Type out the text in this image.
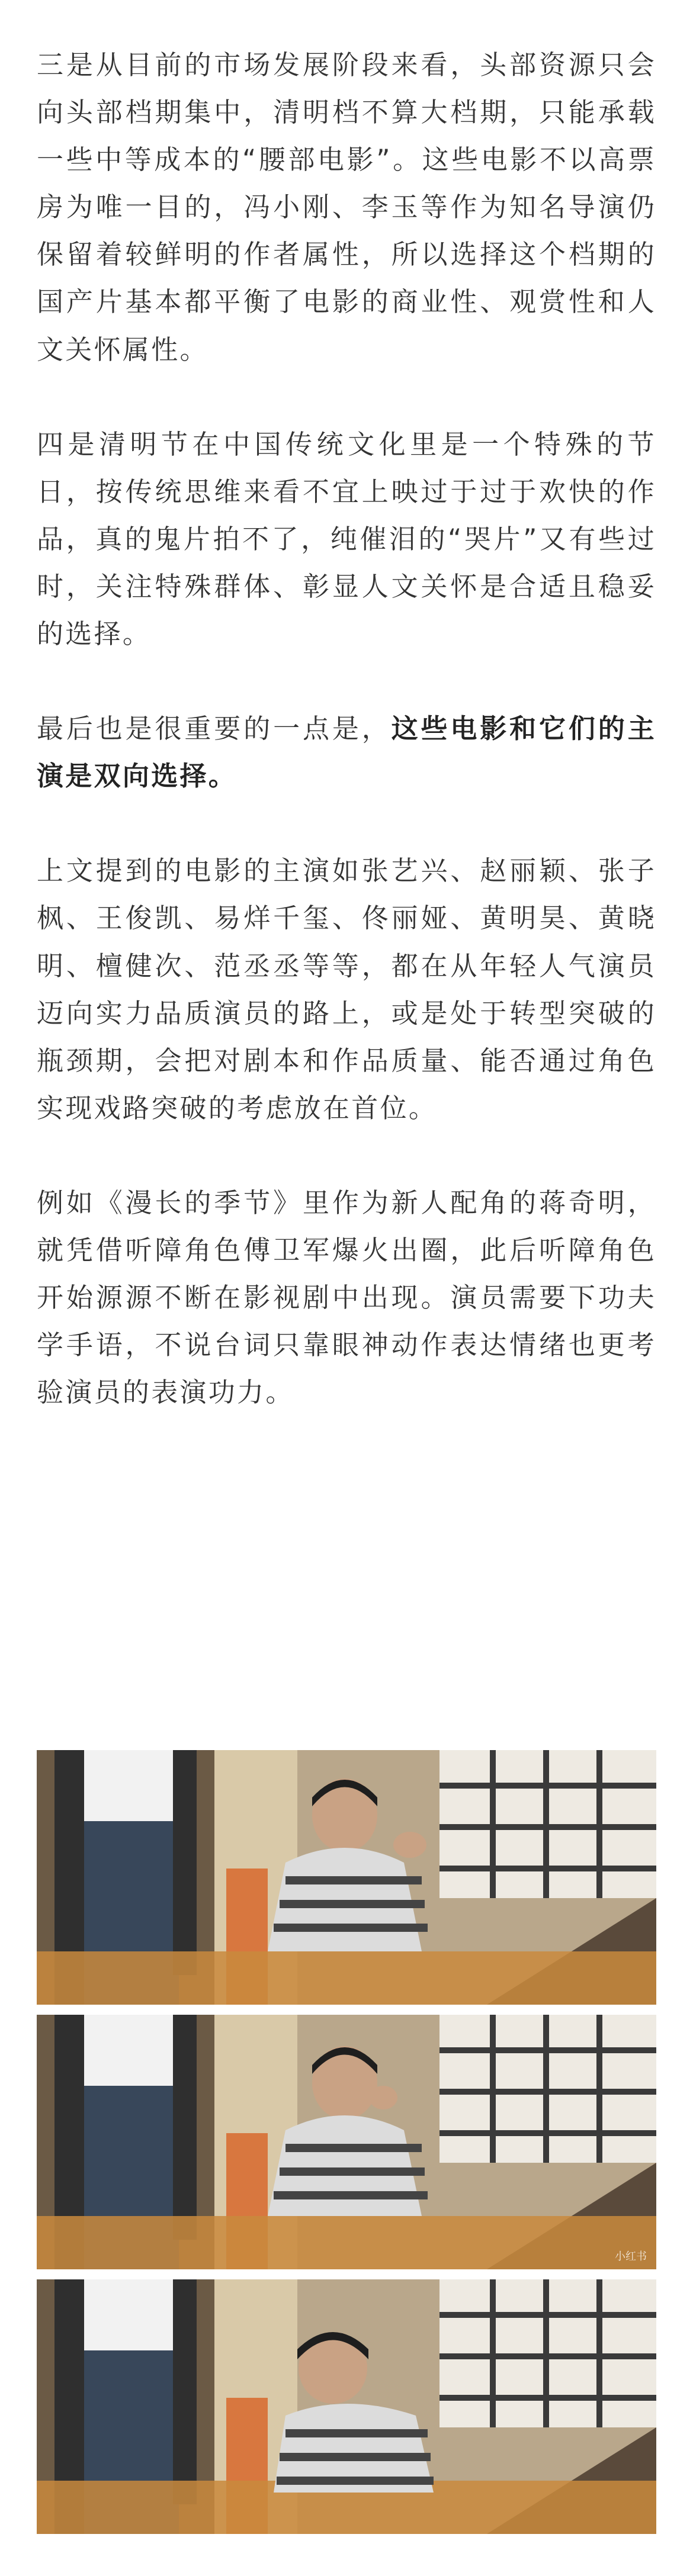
三是从目前的市场发展阶段来看，头部资源只会向头部档期集中，清明档不算大档期，只能承载一些中等成本的“腰部电影”。这些电影不以高票房为唯一目的，冯小刚、李玉等作为知名导演仍保留着较鲜明的作者属性，所以选择这个档期的国产片基本都平衡了电影的商业性、观赏性和人文关怀属性。

四是清明节在中国传统文化里是一个特殊的节日，按传统思维来看不宜上映过于过于欢快的作品，真的鬼片拍不了，纯催泪的“哭片”又有些过时，关注特殊群体、彰显人文关怀是合适且稳妥的选择。

最后也是很重要的一点是，这些电影和它们的主演是双向选择。

上文提到的电影的主演如张艺兴、赵丽颖、张子枫、王俊凯、易烊千玺、佟丽娅、黄明昊、黄晓明、檀健次、范丞丞等等，都在从年轻人气演员迈向实力品质演员的路上，或是处于转型突破的瓶颈期，会把对剧本和作品质量、能否通过角色实现戏路突破的考虑放在首位。

例如《漫长的季节》里作为新人配角的蒋奇明，就凭借听障角色傅卫军爆火出圈，此后听障角色开始源源不断在影视剧中出现。演员需要下功夫学手语，不说台词只靠眼神动作表达情绪也更考验演员的表演功力。

小红书
